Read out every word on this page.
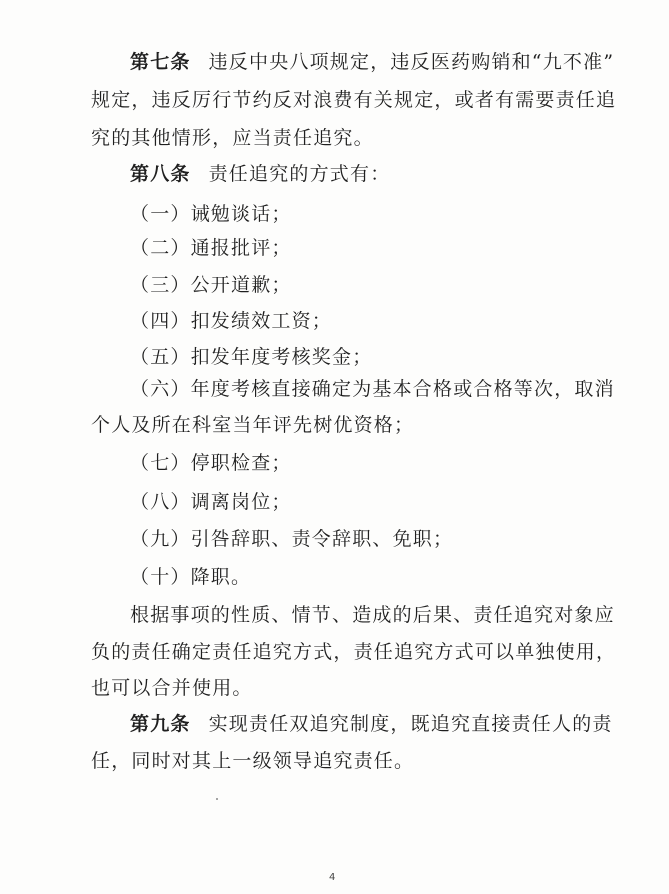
第七条 违反中央八项规定，违反医药购销和“九不准”
规定，违反厉行节约反对浪费有关规定，或者有需要责任追
究的其他情形，应当责任追究。
第八条 责任追究的方式有：
（一）诫勉谈话；
（二）通报批评；
（三）公开道歉；
（四）扣发绩效工资；
（五）扣发年度考核奖金；
（六）年度考核直接确定为基本合格或合格等次，取消
个人及所在科室当年评先树优资格；
（七）停职检查；
（八）调离岗位；
（九）引咎辞职、责令辞职、免职；
（十）降职。
根据事项的性质、情节、造成的后果、责任追究对象应
负的责任确定责任追究方式，责任追究方式可以单独使用，
也可以合并使用。
第九条 实现责任双追究制度，既追究直接责任人的责
任，同时对其上一级领导追究责任。
4
